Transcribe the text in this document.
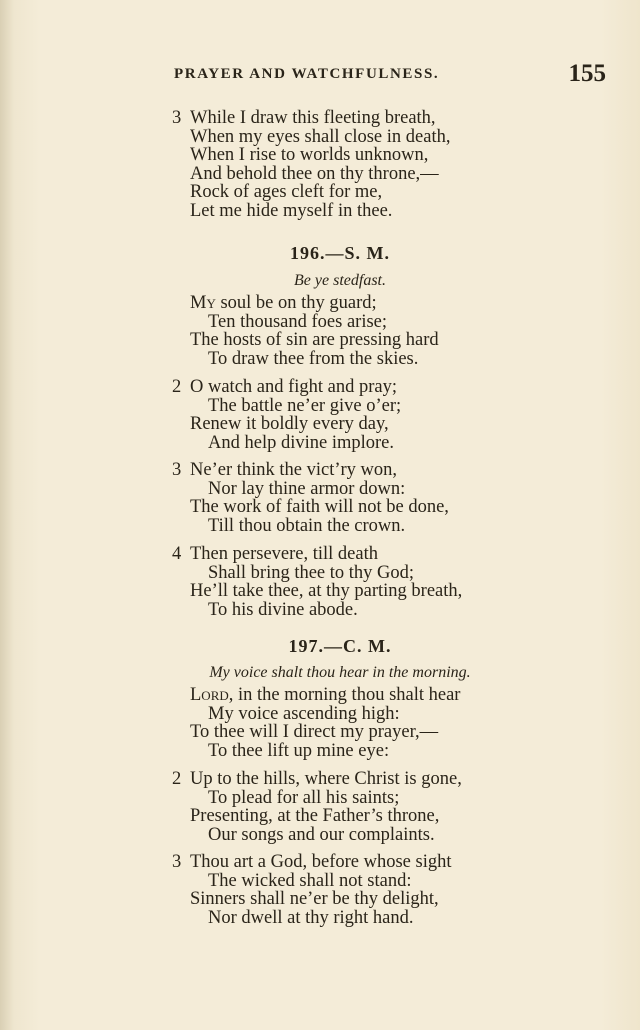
PRAYER AND WATCHFULNESS.	155
3 While I draw this fleeting breath,
When my eyes shall close in death,
When I rise to worlds unknown,
And behold thee on thy throne,—
Rock of ages cleft for me,
Let me hide myself in thee.
196.—S. M.
Be ye stedfast.
My soul be on thy guard;
Ten thousand foes arise;
The hosts of sin are pressing hard
To draw thee from the skies.
2 O watch and fight and pray;
The battle ne’er give o’er;
Renew it boldly every day,
And help divine implore.
3 Ne’er think the vict’ry won,
Nor lay thine armor down:
The work of faith will not be done,
Till thou obtain the crown.
4 Then persevere, till death
Shall bring thee to thy God;
He’ll take thee, at thy parting breath,
To his divine abode.
197.—C. M.
My voice shalt thou hear in the morning.
Lord, in the morning thou shalt hear
My voice ascending high:
To thee will I direct my prayer,—
To thee lift up mine eye:
2 Up to the hills, where Christ is gone,
To plead for all his saints;
Presenting, at the Father’s throne,
Our songs and our complaints.
3 Thou art a God, before whose sight
The wicked shall not stand:
Sinners shall ne’er be thy delight,
Nor dwell at thy right hand.
